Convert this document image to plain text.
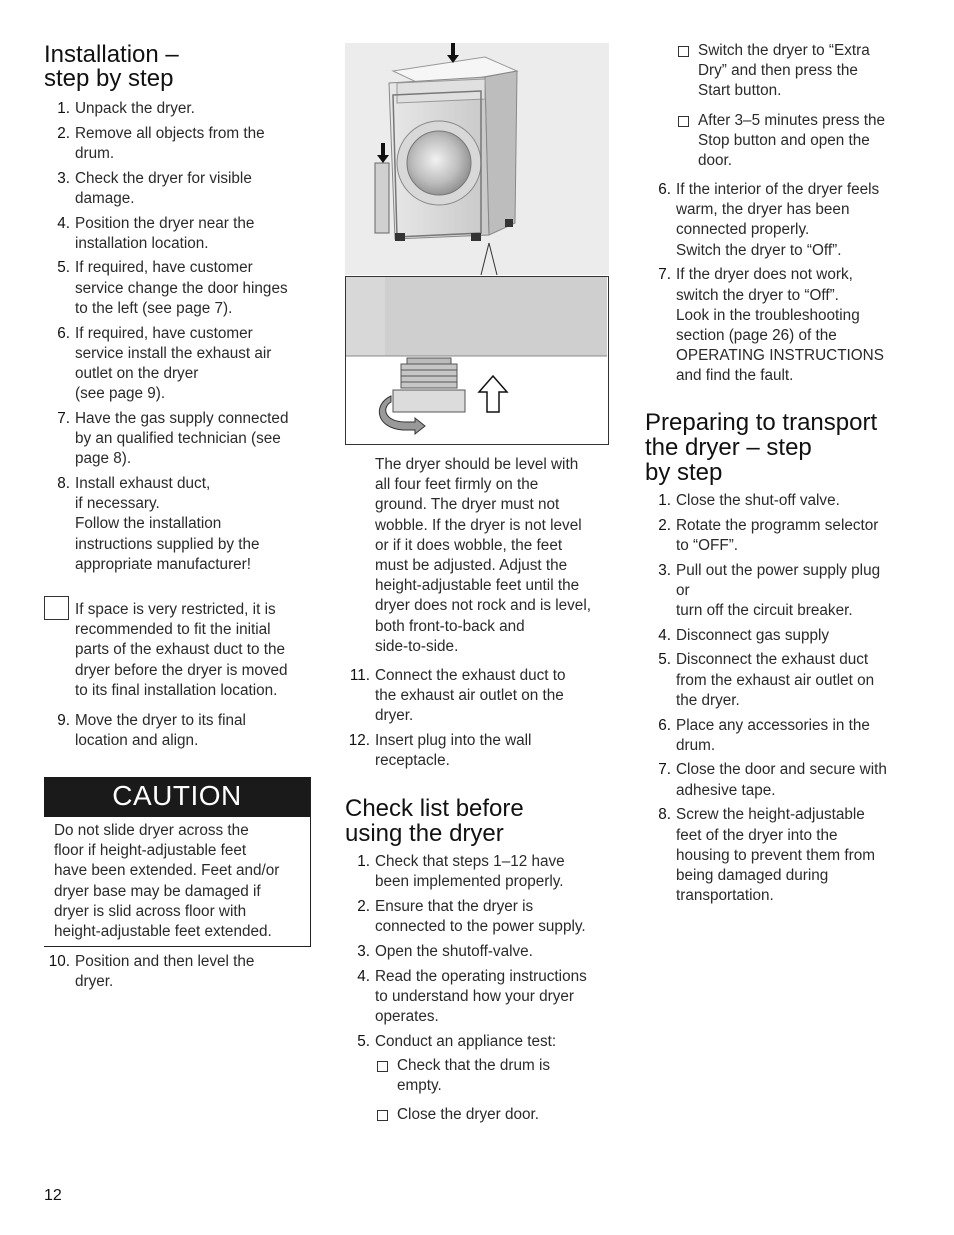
Installation –
step by step
1. Unpack the dryer.
2. Remove all objects from the
drum.
3. Check the dryer for visible
damage.
4. Position the dryer near the
installation location.
5. If required, have customer
service change the door hinges
to the left (see page 7).
6. If required, have customer
service install the exhaust air
outlet on the dryer
(see page 9).
7. Have the gas supply connected
by an qualified technician (see
page 8).
8. Install exhaust duct,
if necessary.
Follow the installation
instructions supplied by the
appropriate manufacturer!
If space is very restricted, it is
recommended to fit the initial
parts of the exhaust duct to the
dryer before the dryer is moved
to its final installation location.
9. Move the dryer to its final
location and align.
CAUTION
Do not slide dryer across the
floor if height-adjustable feet
have been extended. Feet and/or
dryer base may be damaged if
dryer is slid across floor with
height-adjustable feet extended.
10. Position and then level the
dryer.
12
The dryer should be level with
all four feet firmly on the
ground. The dryer must not
wobble. If the dryer is not level
or if it does wobble, the feet
must be adjusted. Adjust the
height-adjustable feet until the
dryer does not rock and is level,
both front-to-back and
side-to-side.
11. Connect the exhaust duct to
the exhaust air outlet on the
dryer.
12. Insert plug into the wall
receptacle.
Check list before
using the dryer
1. Check that steps 1–12 have
been implemented properly.
2. Ensure that the dryer is
connected to the power supply.
3. Open the shutoff-valve.
4. Read the operating instructions
to understand how your dryer
operates.
5. Conduct an appliance test:
Check that the drum is
empty.
Close the dryer door.
Switch the dryer to “Extra
Dry” and then press the
Start button.
After 3–5 minutes press the
Stop button and open the
door.
6. If the interior of the dryer feels
warm, the dryer has been
connected properly.
Switch the dryer to “Off”.
7. If the dryer does not work,
switch the dryer to “Off”.
Look in the troubleshooting
section (page 26) of the
OPERATING INSTRUCTIONS
and find the fault.
Preparing to transport
the dryer – step
by step
1. Close the shut-off valve.
2. Rotate the programm selector
to “OFF”.
3. Pull out the power supply plug
or
turn off the circuit breaker.
4. Disconnect gas supply
5. Disconnect the exhaust duct
from the exhaust air outlet on
the dryer.
6. Place any accessories in the
drum.
7. Close the door and secure with
adhesive tape.
8. Screw the height-adjustable
feet of the dryer into the
housing to prevent them from
being damaged during
transportation.
